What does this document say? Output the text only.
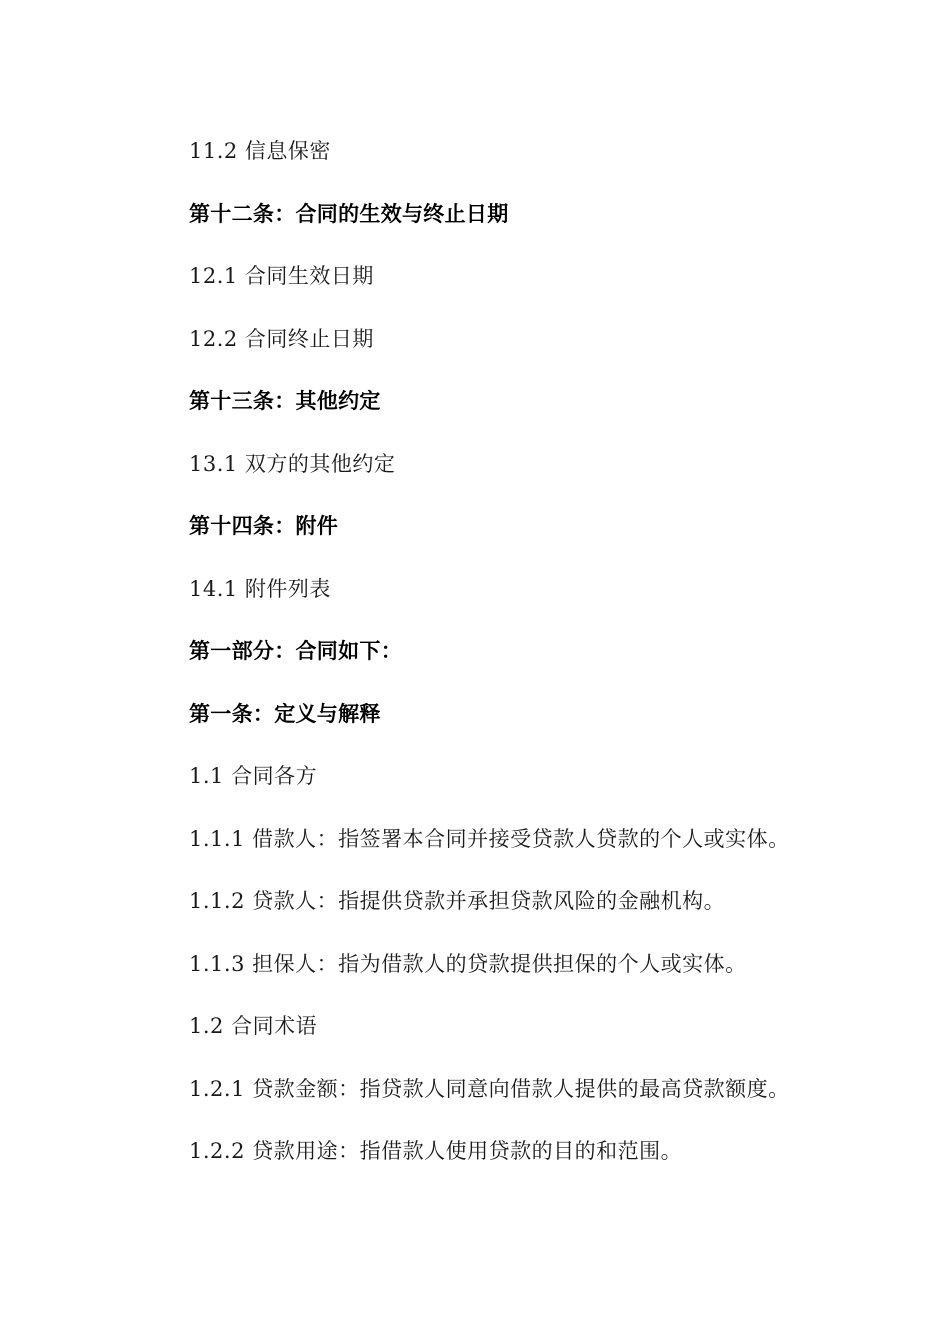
11.2 信息保密
第十二条：合同的生效与终止日期
12.1 合同生效日期
12.2 合同终止日期
第十三条：其他约定
13.1 双方的其他约定
第十四条：附件
14.1 附件列表
第一部分：合同如下：
第一条：定义与解释
1.1 合同各方
1.1.1 借款人：指签署本合同并接受贷款人贷款的个人或实体。
1.1.2 贷款人：指提供贷款并承担贷款风险的金融机构。
1.1.3 担保人：指为借款人的贷款提供担保的个人或实体。
1.2 合同术语
1.2.1 贷款金额：指贷款人同意向借款人提供的最高贷款额度。
1.2.2 贷款用途：指借款人使用贷款的目的和范围。
